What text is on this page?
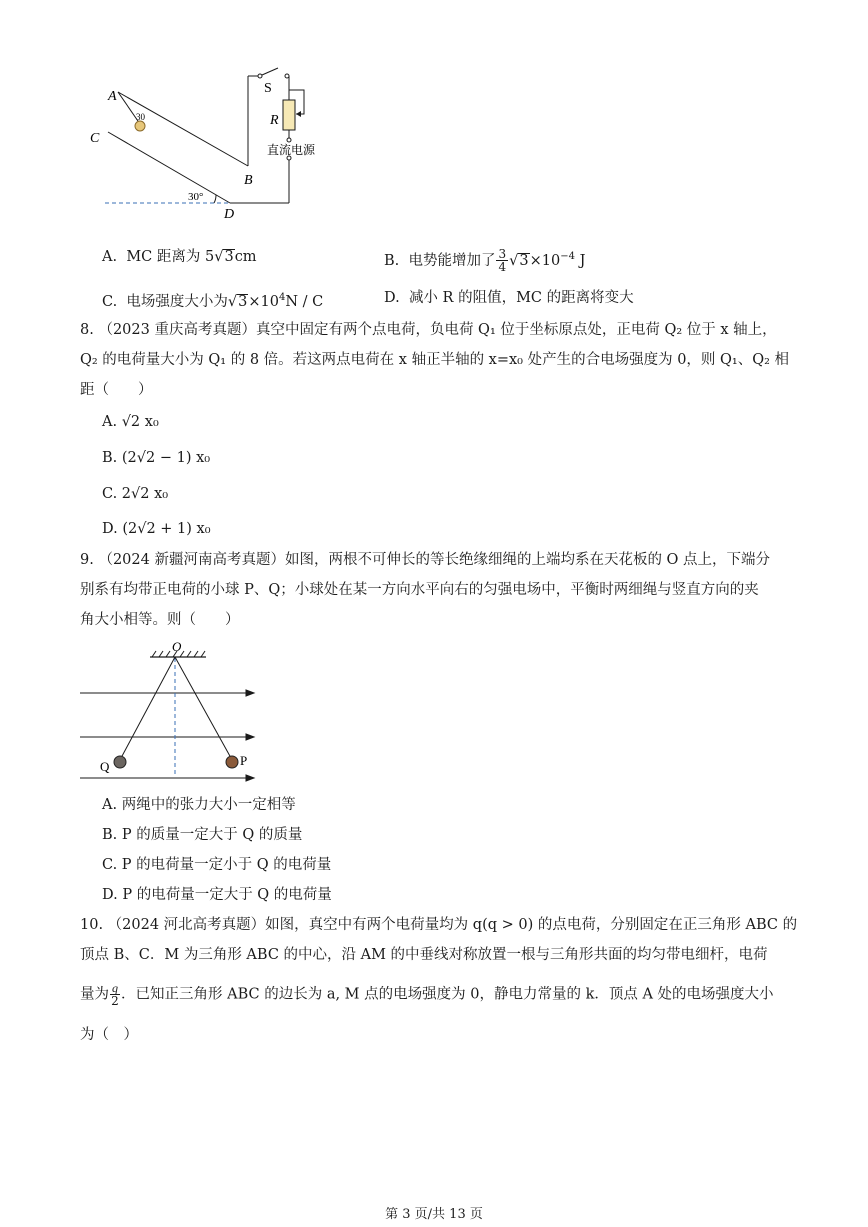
A
30
C
B
D
30°
S
R
直流电源
A. MC 距离为 5√3cm	B. 电势能增加了 $\frac{3}{4} √3\times 10^{-4}$ J
C. 电场强度大小为$√3\times 10^4N / C$	D. 减小 R 的阻值，MC 的距离将变大
8. （2023 重庆高考真题）真空中固定有两个点电荷，负电荷 Q₁ 位于坐标原点处，正电荷 Q₂ 位于 x 轴上，
Q₂ 的电荷量大小为 Q₁ 的 8 倍。若这两点电荷在 x 轴正半轴的 x=x₀ 处产生的合电场强度为 0，则 Q₁、Q₂ 相
距（　　）
A. √2 x₀
B. (2√2 − 1) x₀
C. 2√2 x₀
D. (2√2 + 1) x₀
9. （2024 新疆河南高考真题）如图，两根不可伸长的等长绝缘细绳的上端均系在天花板的 O 点上，下端分
别系有均带正电荷的小球 P、Q；小球处在某一方向水平向右的匀强电场中，平衡时两细绳与竖直方向的夹
角大小相等。则（　　）
O
Q	P
A. 两绳中的张力大小一定相等
B. P 的质量一定大于 Q 的质量
C. P 的电荷量一定小于 Q 的电荷量
D. P 的电荷量一定大于 Q 的电荷量
10. （2024 河北高考真题）如图，真空中有两个电荷量均为 q(q > 0) 的点电荷，分别固定在正三角形 ABC 的
顶点 B、C．M 为三角形 ABC 的中心，沿 AM 的中垂线对称放置一根与三角形共面的均匀带电细杆，电荷
量为 $\frac{q}{2}$ ．已知正三角形 ABC 的边长为 a, M 点的电场强度为 0，静电力常量的 k．顶点 A 处的电场强度大小
为（　）
第 3 页/共 13 页
